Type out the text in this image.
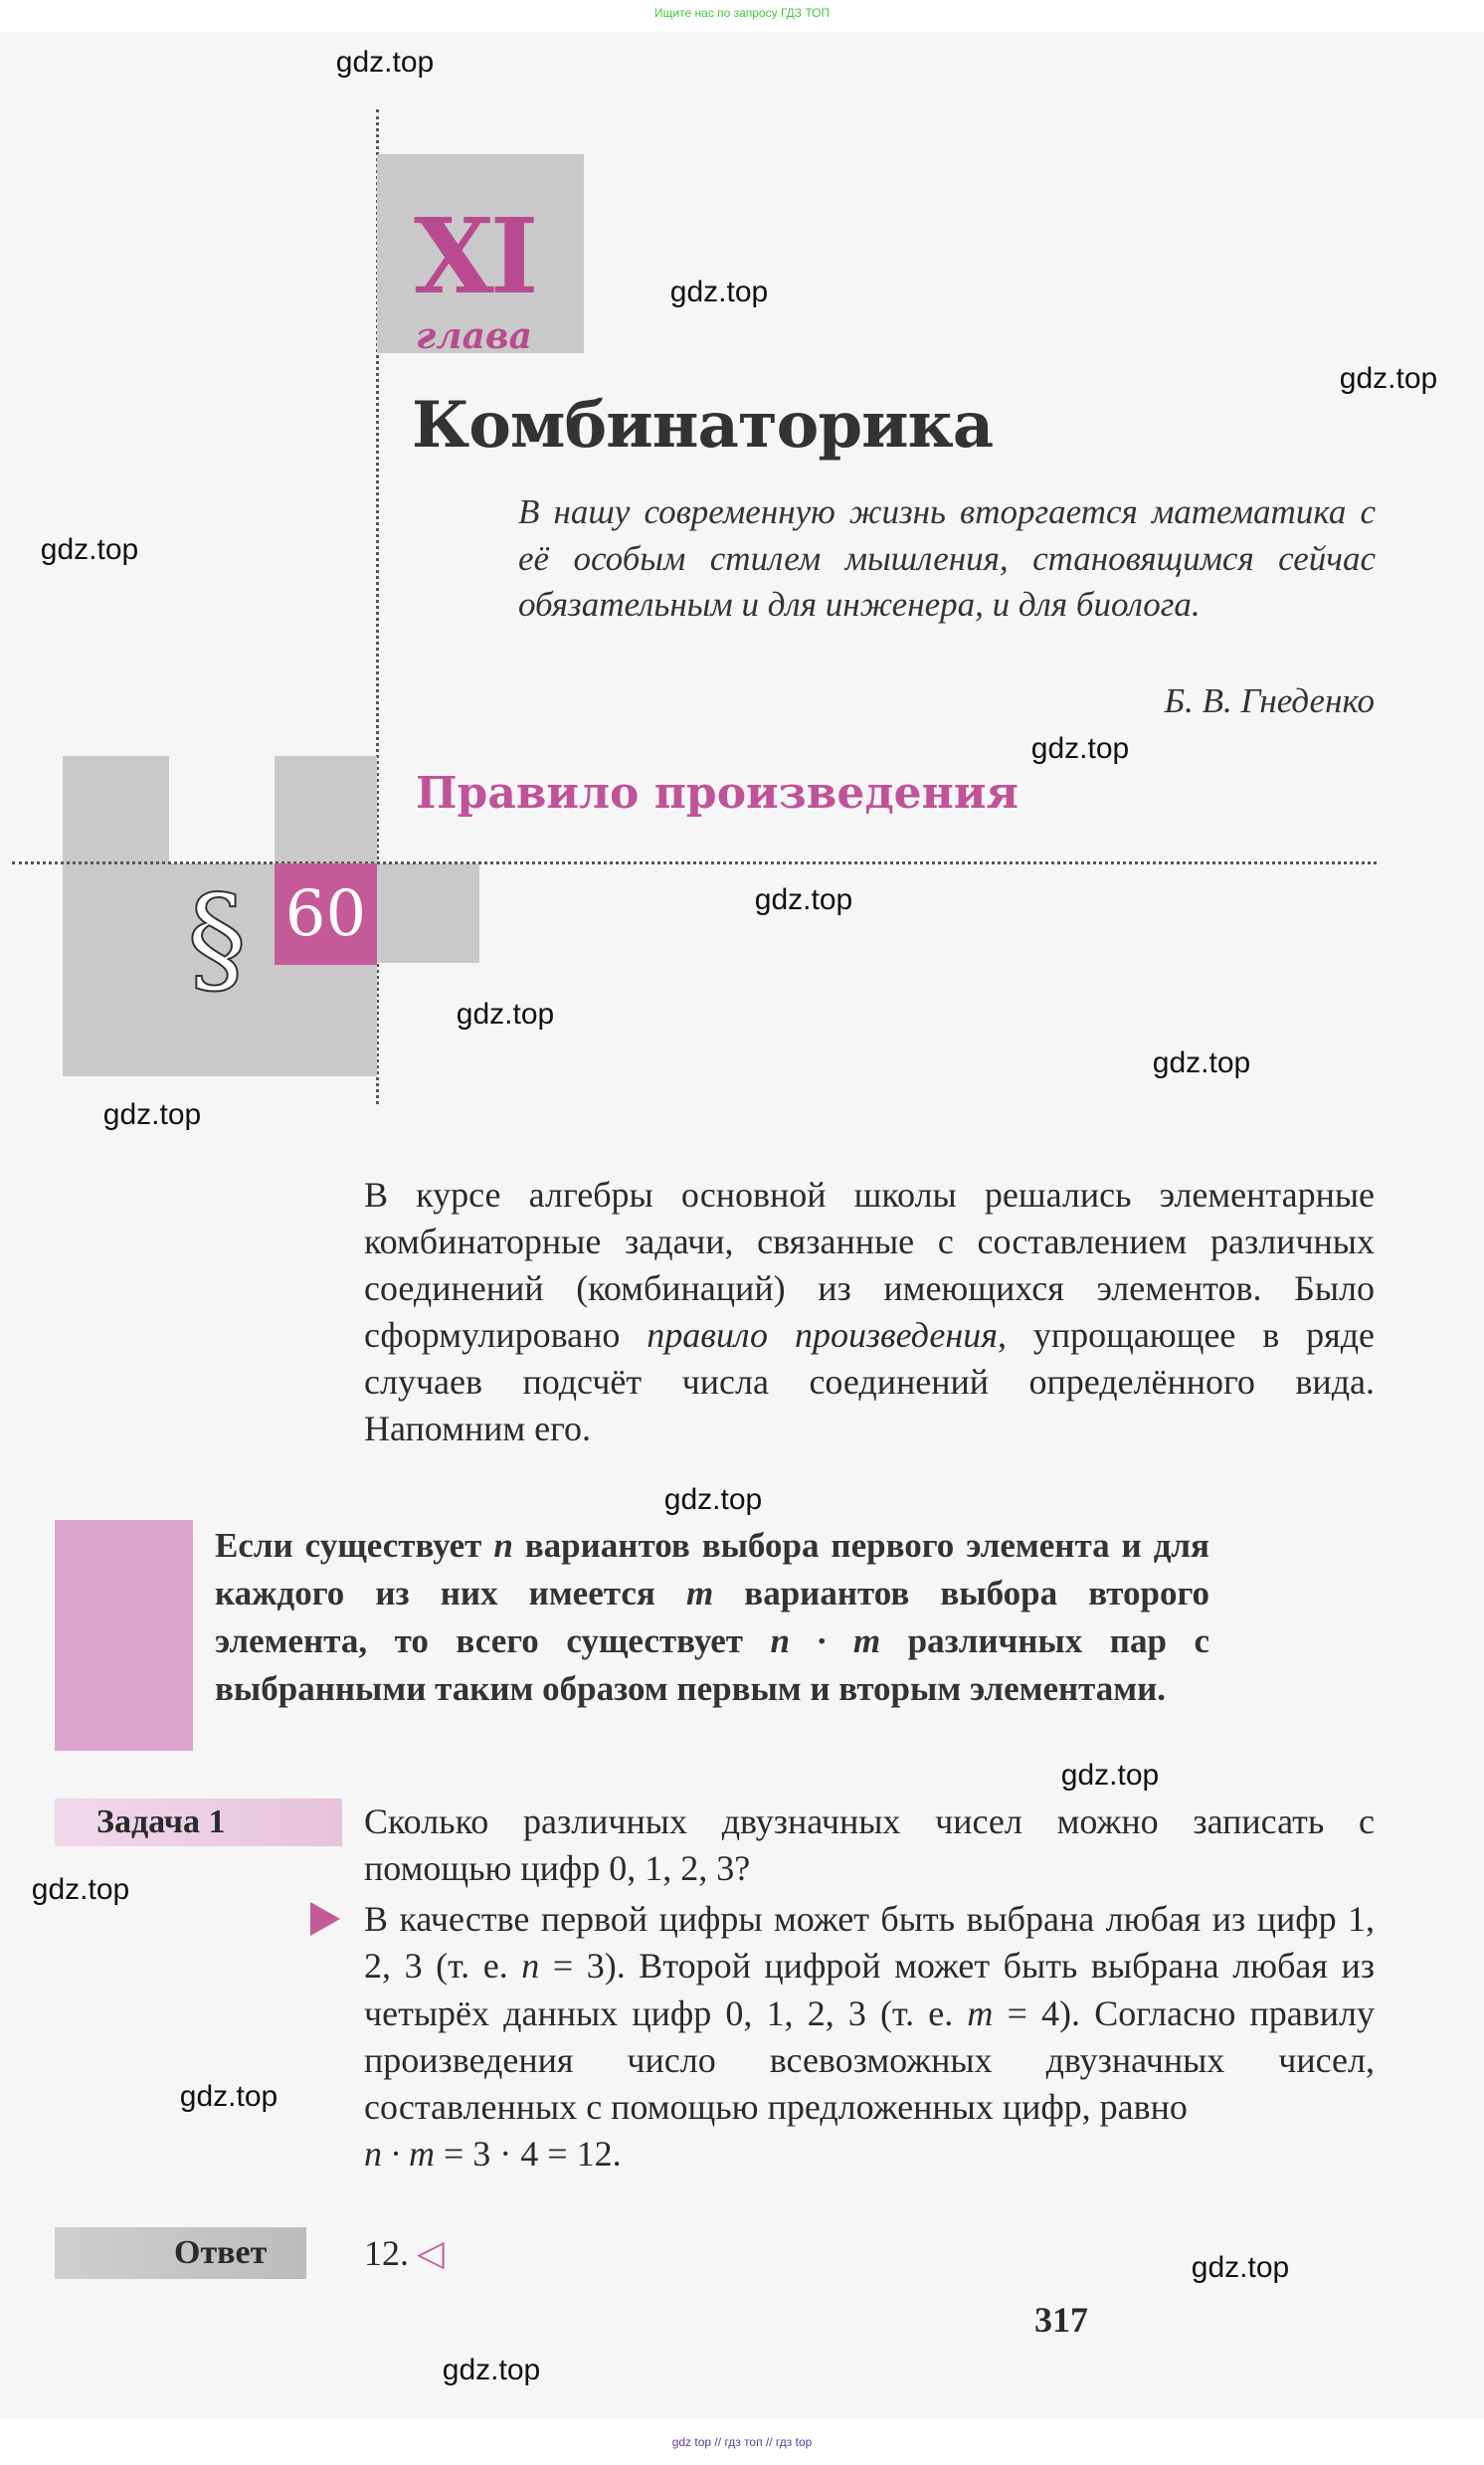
Ищите нас по запросу ГДЗ ТОП
XI
глава
Комбинаторика
В нашу современную жизнь вторгается математика с её особым стилем мышления, становящимся сейчас обязательным и для инженера, и для биолога.
Б. В. Гнеденко
§ 60
Правило произведения
В курсе алгебры основной школы решались элементарные комбинаторные задачи, связанные с составлением различных соединений (комбинаций) из имеющихся элементов. Было сформулировано правило произведения, упрощающее в ряде случаев подсчёт числа соединений определённого вида. Напомним его.
Если существует n вариантов выбора первого элемента и для каждого из них имеется m вариантов выбора второго элемента, то всего существует n · m различных пар с выбранными таким образом первым и вторым элементами.
Задача 1	Сколько различных двузначных чисел можно записать с помощью цифр 0, 1, 2, 3?
В качестве первой цифры может быть выбрана любая из цифр 1, 2, 3 (т. е. n = 3). Второй цифрой может быть выбрана любая из четырёх данных цифр 0, 1, 2, 3 (т. е. m = 4). Согласно правилу произведения число всевозможных двузначных чисел, составленных с помощью предложенных цифр, равно
n · m = 3 · 4 = 12.
Ответ	12. ◁
317
gdz.top
gdz.top
gdz.top
gdz.top
gdz.top
gdz.top
gdz.top
gdz.top
gdz.top
gdz.top
gdz.top
gdz.top
gdz.top
gdz.top
gdz.top
gdz top // гдз топ // гдз top
